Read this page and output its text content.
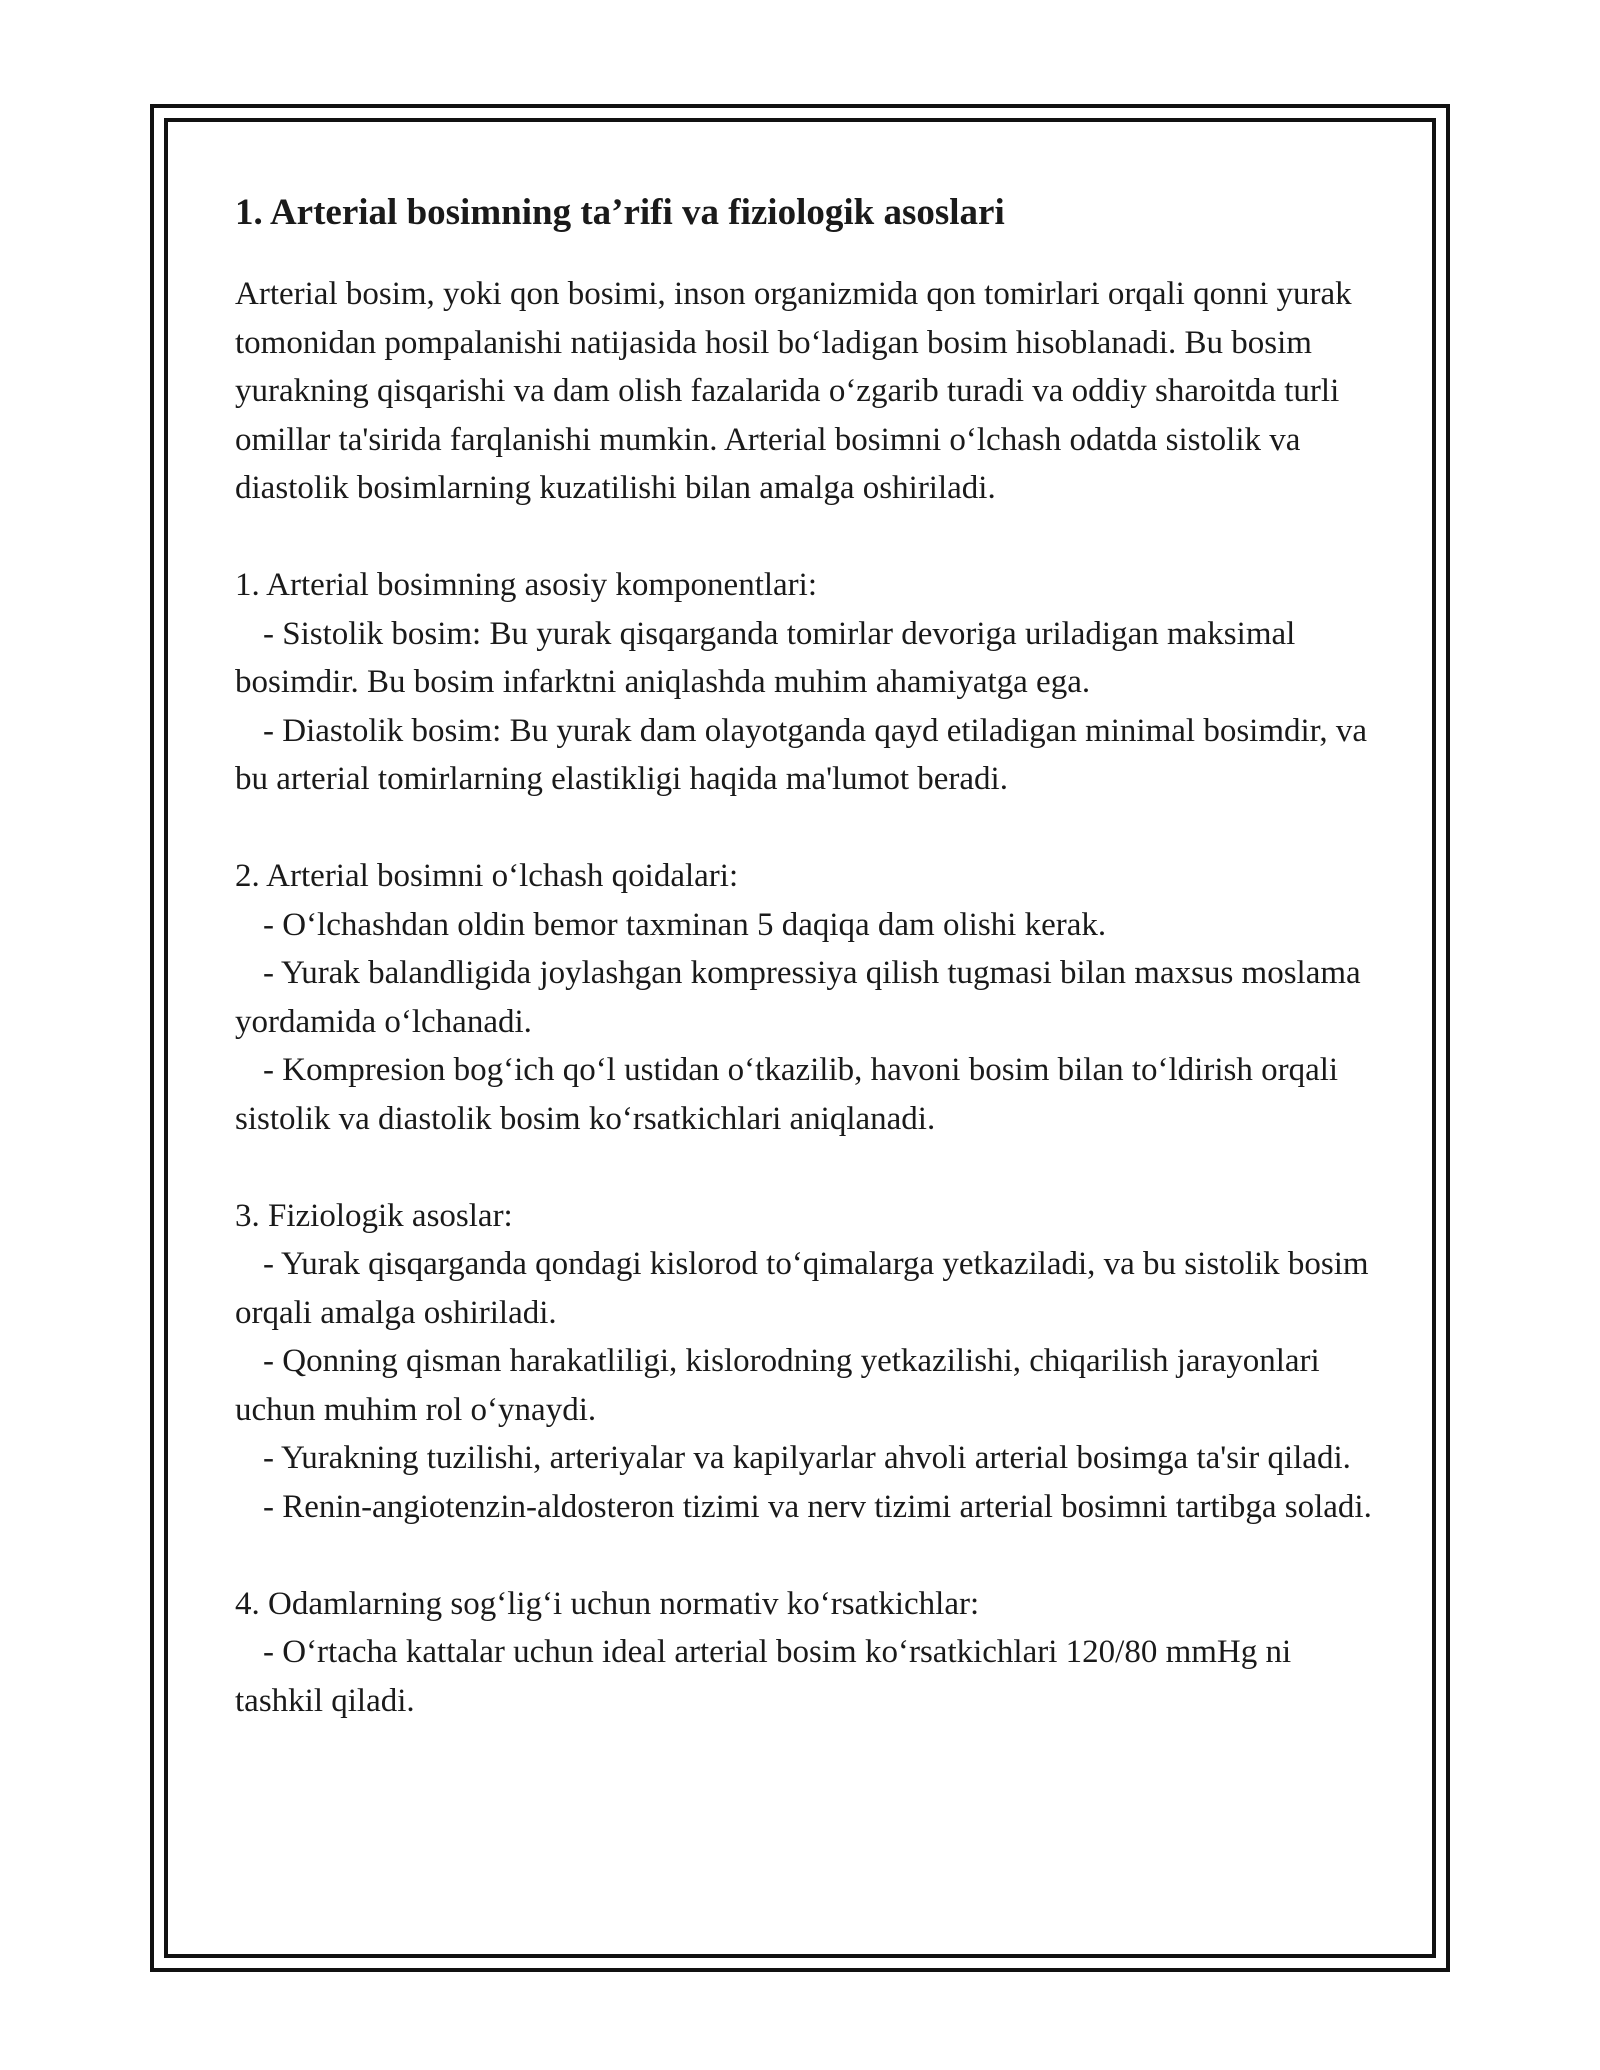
1. Arterial bosimning ta’rifi va fiziologik asoslari

Arterial bosim, yoki qon bosimi, inson organizmida qon tomirlari orqali qonni yurak tomonidan pompalanishi natijasida hosil bo‘ladigan bosim hisoblanadi. Bu bosim yurakning qisqarishi va dam olish fazalarida o‘zgarib turadi va oddiy sharoitda turli omillar ta'sirida farqlanishi mumkin. Arterial bosimni o‘lchash odatda sistolik va diastolik bosimlarning kuzatilishi bilan amalga oshiriladi.

1. Arterial bosimning asosiy komponentlari:

- Sistolik bosim: Bu yurak qisqarganda tomirlar devoriga uriladigan maksimal bosimdir. Bu bosim infarktni aniqlashda muhim ahamiyatga ega.

- Diastolik bosim: Bu yurak dam olayotganda qayd etiladigan minimal bosimdir, va bu arterial tomirlarning elastikligi haqida ma'lumot beradi.

2. Arterial bosimni o‘lchash qoidalari:

- O‘lchashdan oldin bemor taxminan 5 daqiqa dam olishi kerak.

- Yurak balandligida joylashgan kompressiya qilish tugmasi bilan maxsus moslama yordamida o‘lchanadi.

- Kompresion bog‘ich qo‘l ustidan o‘tkazilib, havoni bosim bilan to‘ldirish orqali sistolik va diastolik bosim ko‘rsatkichlari aniqlanadi.

3. Fiziologik asoslar:

- Yurak qisqarganda qondagi kislorod to‘qimalarga yetkaziladi, va bu sistolik bosim orqali amalga oshiriladi.

- Qonning qisman harakatliligi, kislorodning yetkazilishi, chiqarilish jarayonlari uchun muhim rol o‘ynaydi.

- Yurakning tuzilishi, arteriyalar va kapilyarlar ahvoli arterial bosimga ta'sir qiladi.

- Renin-angiotenzin-aldosteron tizimi va nerv tizimi arterial bosimni tartibga soladi.

4. Odamlarning sog‘lig‘i uchun normativ ko‘rsatkichlar:

- O‘rtacha kattalar uchun ideal arterial bosim ko‘rsatkichlari 120/80 mmHg ni tashkil qiladi.
